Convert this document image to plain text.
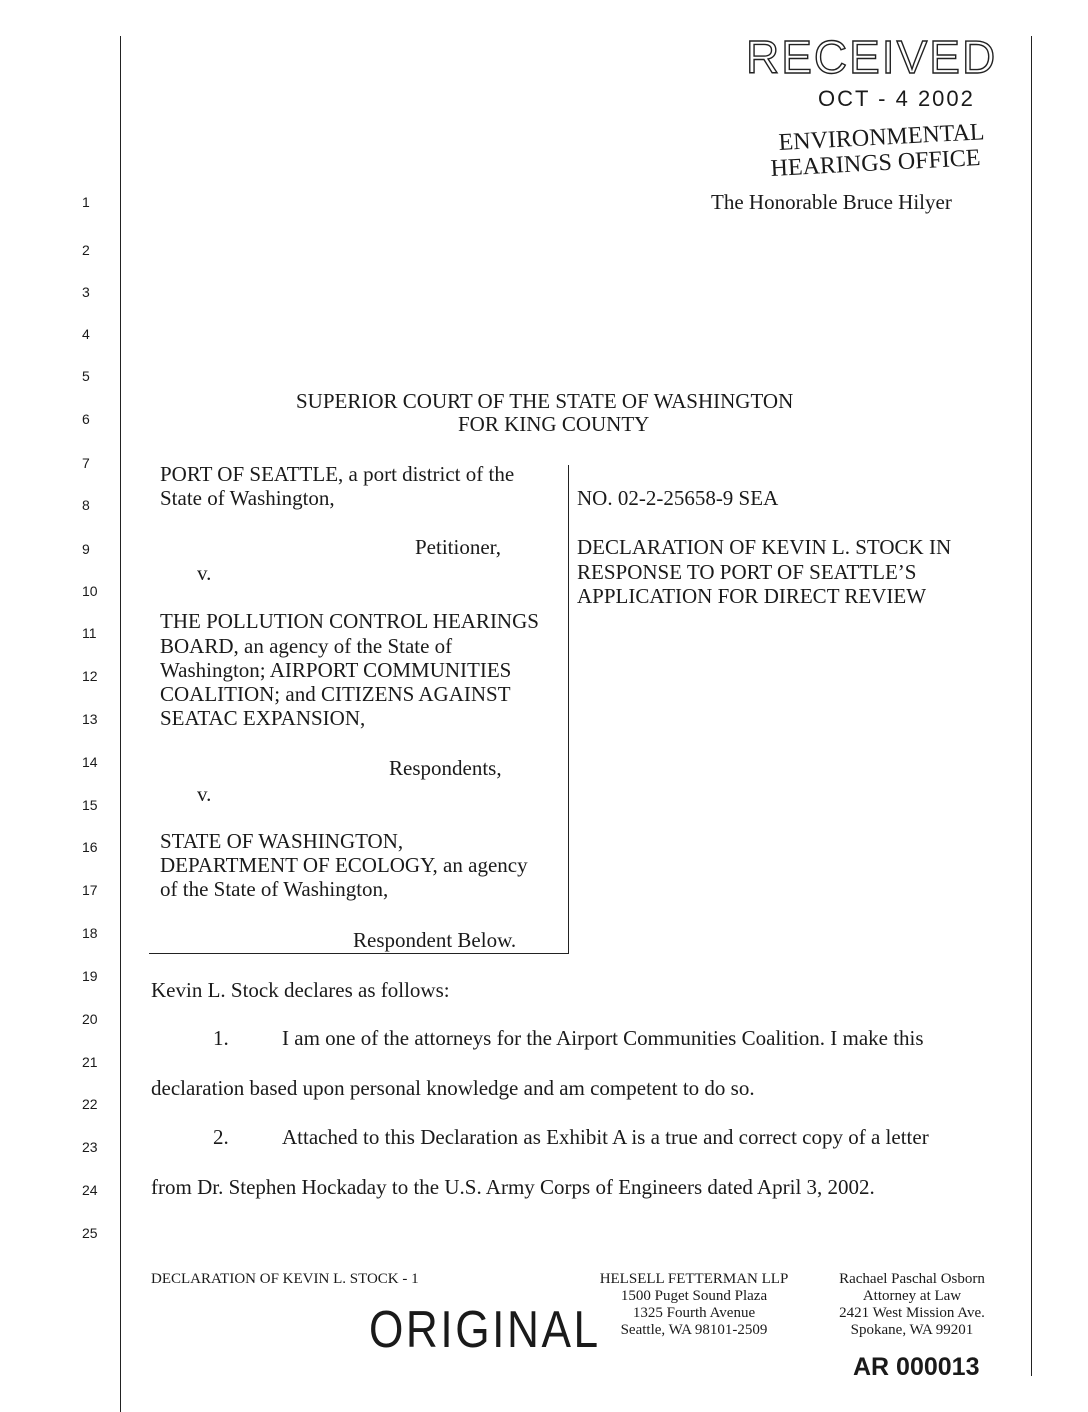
1
2
3
4
5
6
7
8
9
10
11
12
13
14
15
16
17
18
19
20
21
22
23
24
25
RECEIVED
OCT - 4 2002
ENVIRONMENTAL
HEARINGS OFFICE
The Honorable Bruce Hilyer
SUPERIOR COURT OF THE STATE OF WASHINGTON
FOR KING COUNTY
PORT OF SEATTLE, a port district of the
State of Washington,
Petitioner,
v.
THE POLLUTION CONTROL HEARINGS
BOARD, an agency of the State of
Washington; AIRPORT COMMUNITIES
COALITION; and CITIZENS AGAINST
SEATAC EXPANSION,
Respondents,
v.
STATE OF WASHINGTON,
DEPARTMENT OF ECOLOGY, an agency
of the State of Washington,
Respondent Below.
NO. 02-2-25658-9 SEA
DECLARATION OF KEVIN L. STOCK IN
RESPONSE TO PORT OF SEATTLE’S
APPLICATION FOR DIRECT REVIEW
Kevin L. Stock declares as follows:
1.	I am one of the attorneys for the Airport Communities Coalition. I make this
declaration based upon personal knowledge and am competent to do so.
2.	Attached to this Declaration as Exhibit A is a true and correct copy of a letter
from Dr. Stephen Hockaday to the U.S. Army Corps of Engineers dated April 3, 2002.
DECLARATION OF KEVIN L. STOCK - 1	HELSELL FETTERMAN LLP
1500 Puget Sound Plaza
1325 Fourth Avenue
Seattle, WA 98101-2509
Rachael Paschal Osborn
Attorney at Law
2421 West Mission Ave.
Spokane, WA 99201
ORIGINAL
AR 000013
